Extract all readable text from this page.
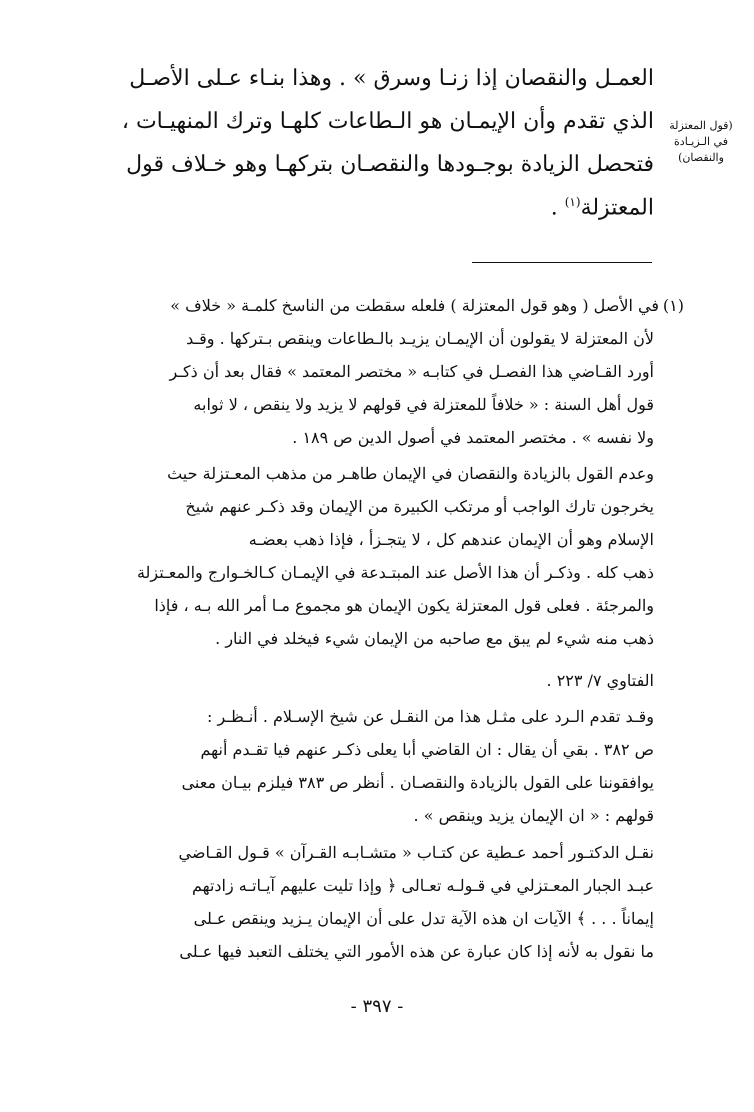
العمـل والنقصان إذا زنـا وسرق » . وهذا بنـاء عـلى الأصـل
الذي تقدم وأن الإيمـان هو الـطاعات كلهـا وترك المنهيـات ،
فتحصل الزيادة بوجـودها والنقصـان بتركهـا وهو خـلاف قول
المعتزلة$^{(١)}$ .
(قول المعتزلة
في الـزيـادة
والنقصان)
(١)
في الأصل ( وهو قول المعتزلة ) فلعله سقطت من الناسخ كلمـة « خلاف »
لأن المعتزلة لا يقولون أن الإيمـان يزيـد بالـطاعات وينقص بـتركها . وقـد
أورد القـاضي هذا الفصـل في كتابـه « مختصر المعتمد » فقال بعد أن ذكـر
قول أهل السنة : « خلافاً للمعتزلة في قولهم لا يزيد ولا ينقص ، لا ثوابه
ولا نفسه » . مختصر المعتمد في أصول الدين ص ١٨٩ .
وعدم القول بالزيادة والنقصان في الإيمان طاهـر من مذهب المعـتزلة حيث
يخرجون تارك الواجب أو مرتكب الكبيرة من الإيمان وقد ذكـر عنهم شيخ
الإسلام وهو أن الإيمان عندهم كل ، لا يتجـزأ ، فإذا ذهب بعضـه
ذهب كله . وذكـر أن هذا الأصل عند المبتـدعة في الإيمـان كـالخـوارج والمعـتزلة
والمرجئة . فعلى قول المعتزلة يكون الإيمان هو مجموع مـا أمر الله بـه ، فإذا
ذهب منه شيء لم يبق مع صاحبه من الإيمان شيء فيخلد في النار .
الفتاوي ٧/ ٢٢٣ .
وقـد تقدم الـرد على مثـل هذا من النقـل عن شيخ الإسـلام . أنـظـر :
ص ٣٨٢ . بقي أن يقال : ان القاضي أبا يعلى ذكـر عنهم فيا تقـدم أنهم
يوافقوننا على القول بالزيادة والنقصـان . أنظر ص ٣٨٣ فيلزم بيـان معنى
قولهم : « ان الإيمان يزيد وينقص » .
نقـل الدكتـور أحمد عـطية عن كتـاب « متشـابـه القـرآن » قـول القـاضي
عبـد الجبار المعـتزلي في قـولـه تعـالى ﴿ وإذا تليت عليهم آيـاتـه زادتهم
إيماناً . . . ﴾ الآيات ان هذه الآية تدل على أن الإيمان يـزيد وينقص عـلى
ما نقول به لأنه إذا كان عبارة عن هذه الأمور التي يختلف التعبد فيها عـلى
- ٣٩٧ -
